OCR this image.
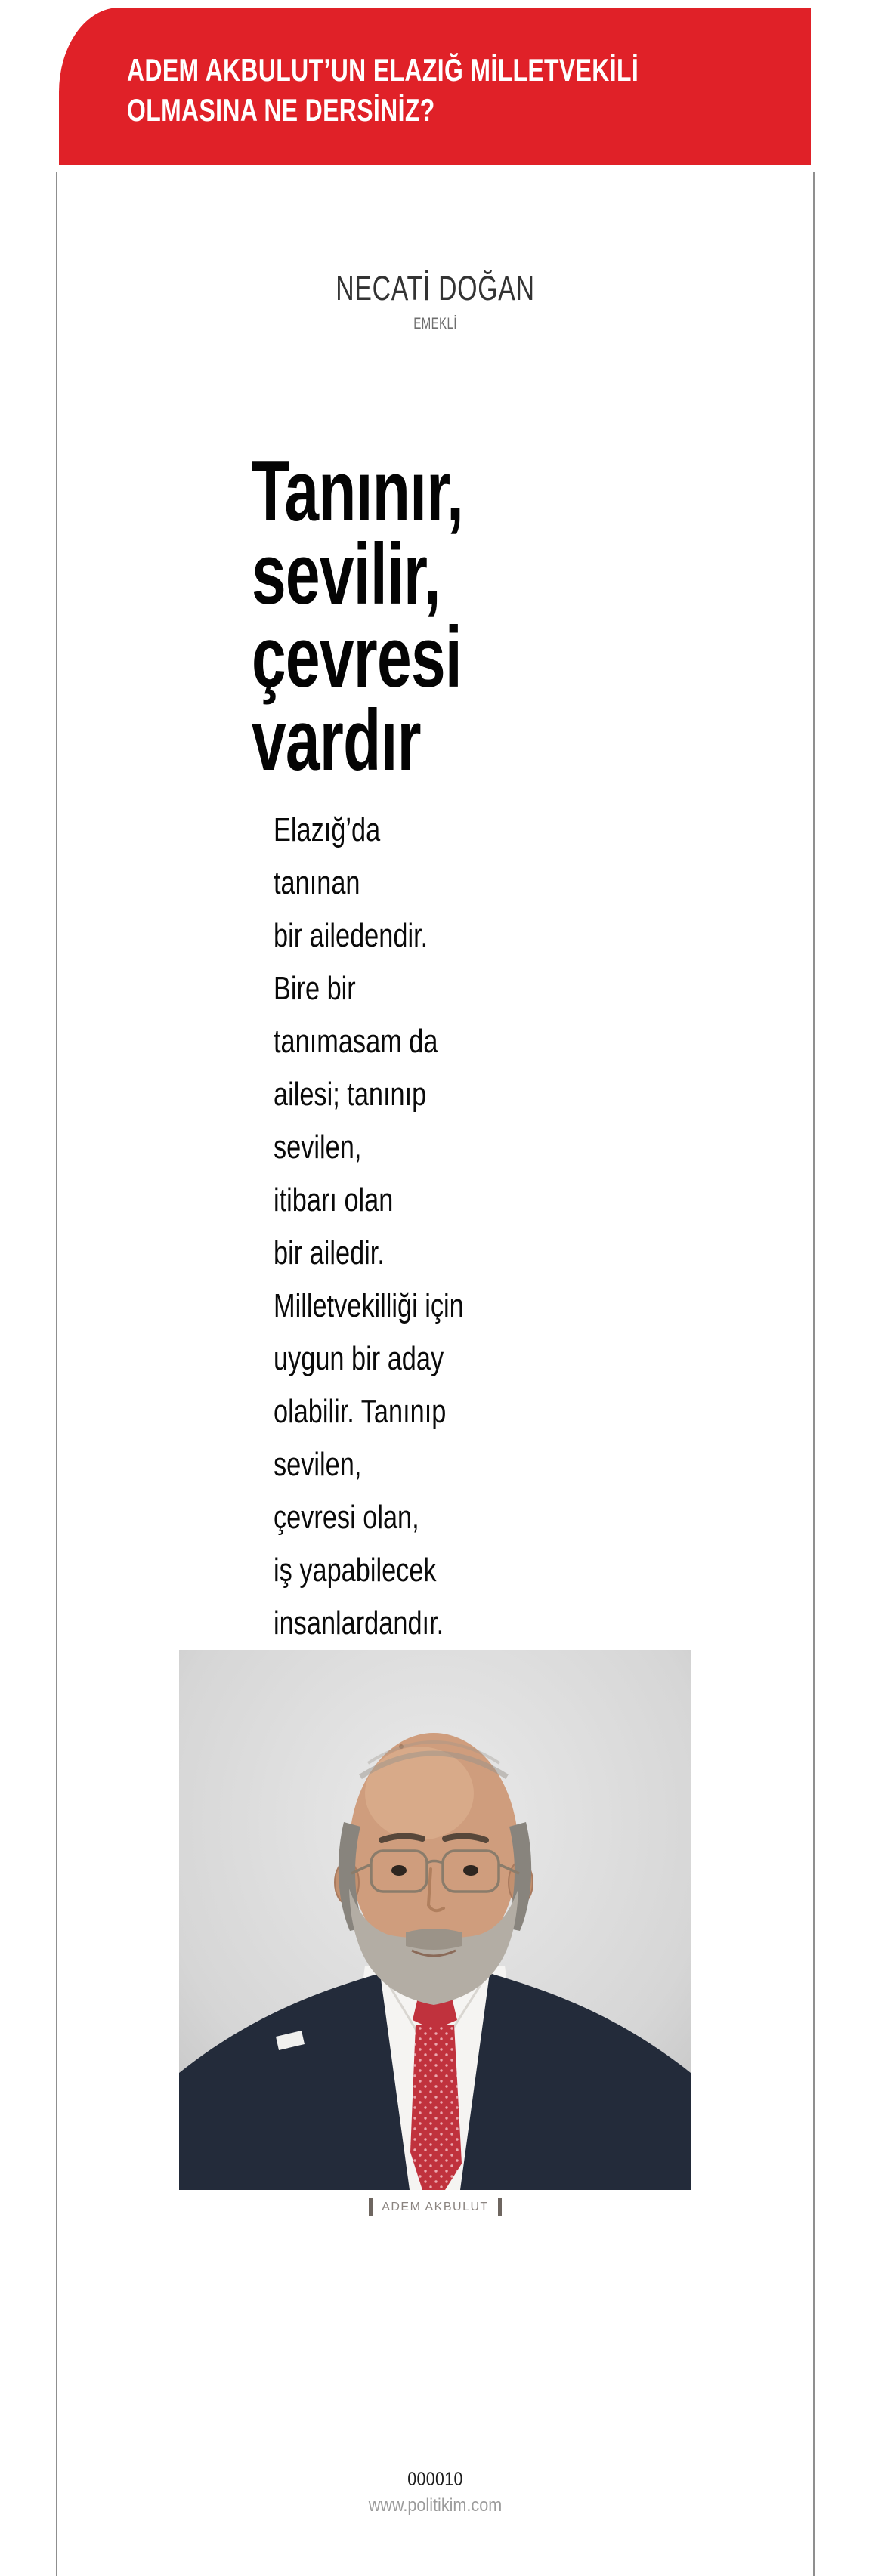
ADEM AKBULUT’UN ELAZIĞ MİLLETVEKİLİ
OLMASINA NE DERSİNİZ?
NECATİ DOĞAN
EMEKLİ
Tanınır,
sevilir,
çevresi
vardır
Elazığ’da
tanınan
bir ailedendir.
Bire bir
tanımasam da
ailesi; tanınıp
sevilen,
itibarı olan
bir ailedir.
Milletvekilliği için
uygun bir aday
olabilir. Tanınıp
sevilen,
çevresi olan,
iş yapabilecek
insanlardandır.
ADEM AKBULUT
000010
www.politikim.com
